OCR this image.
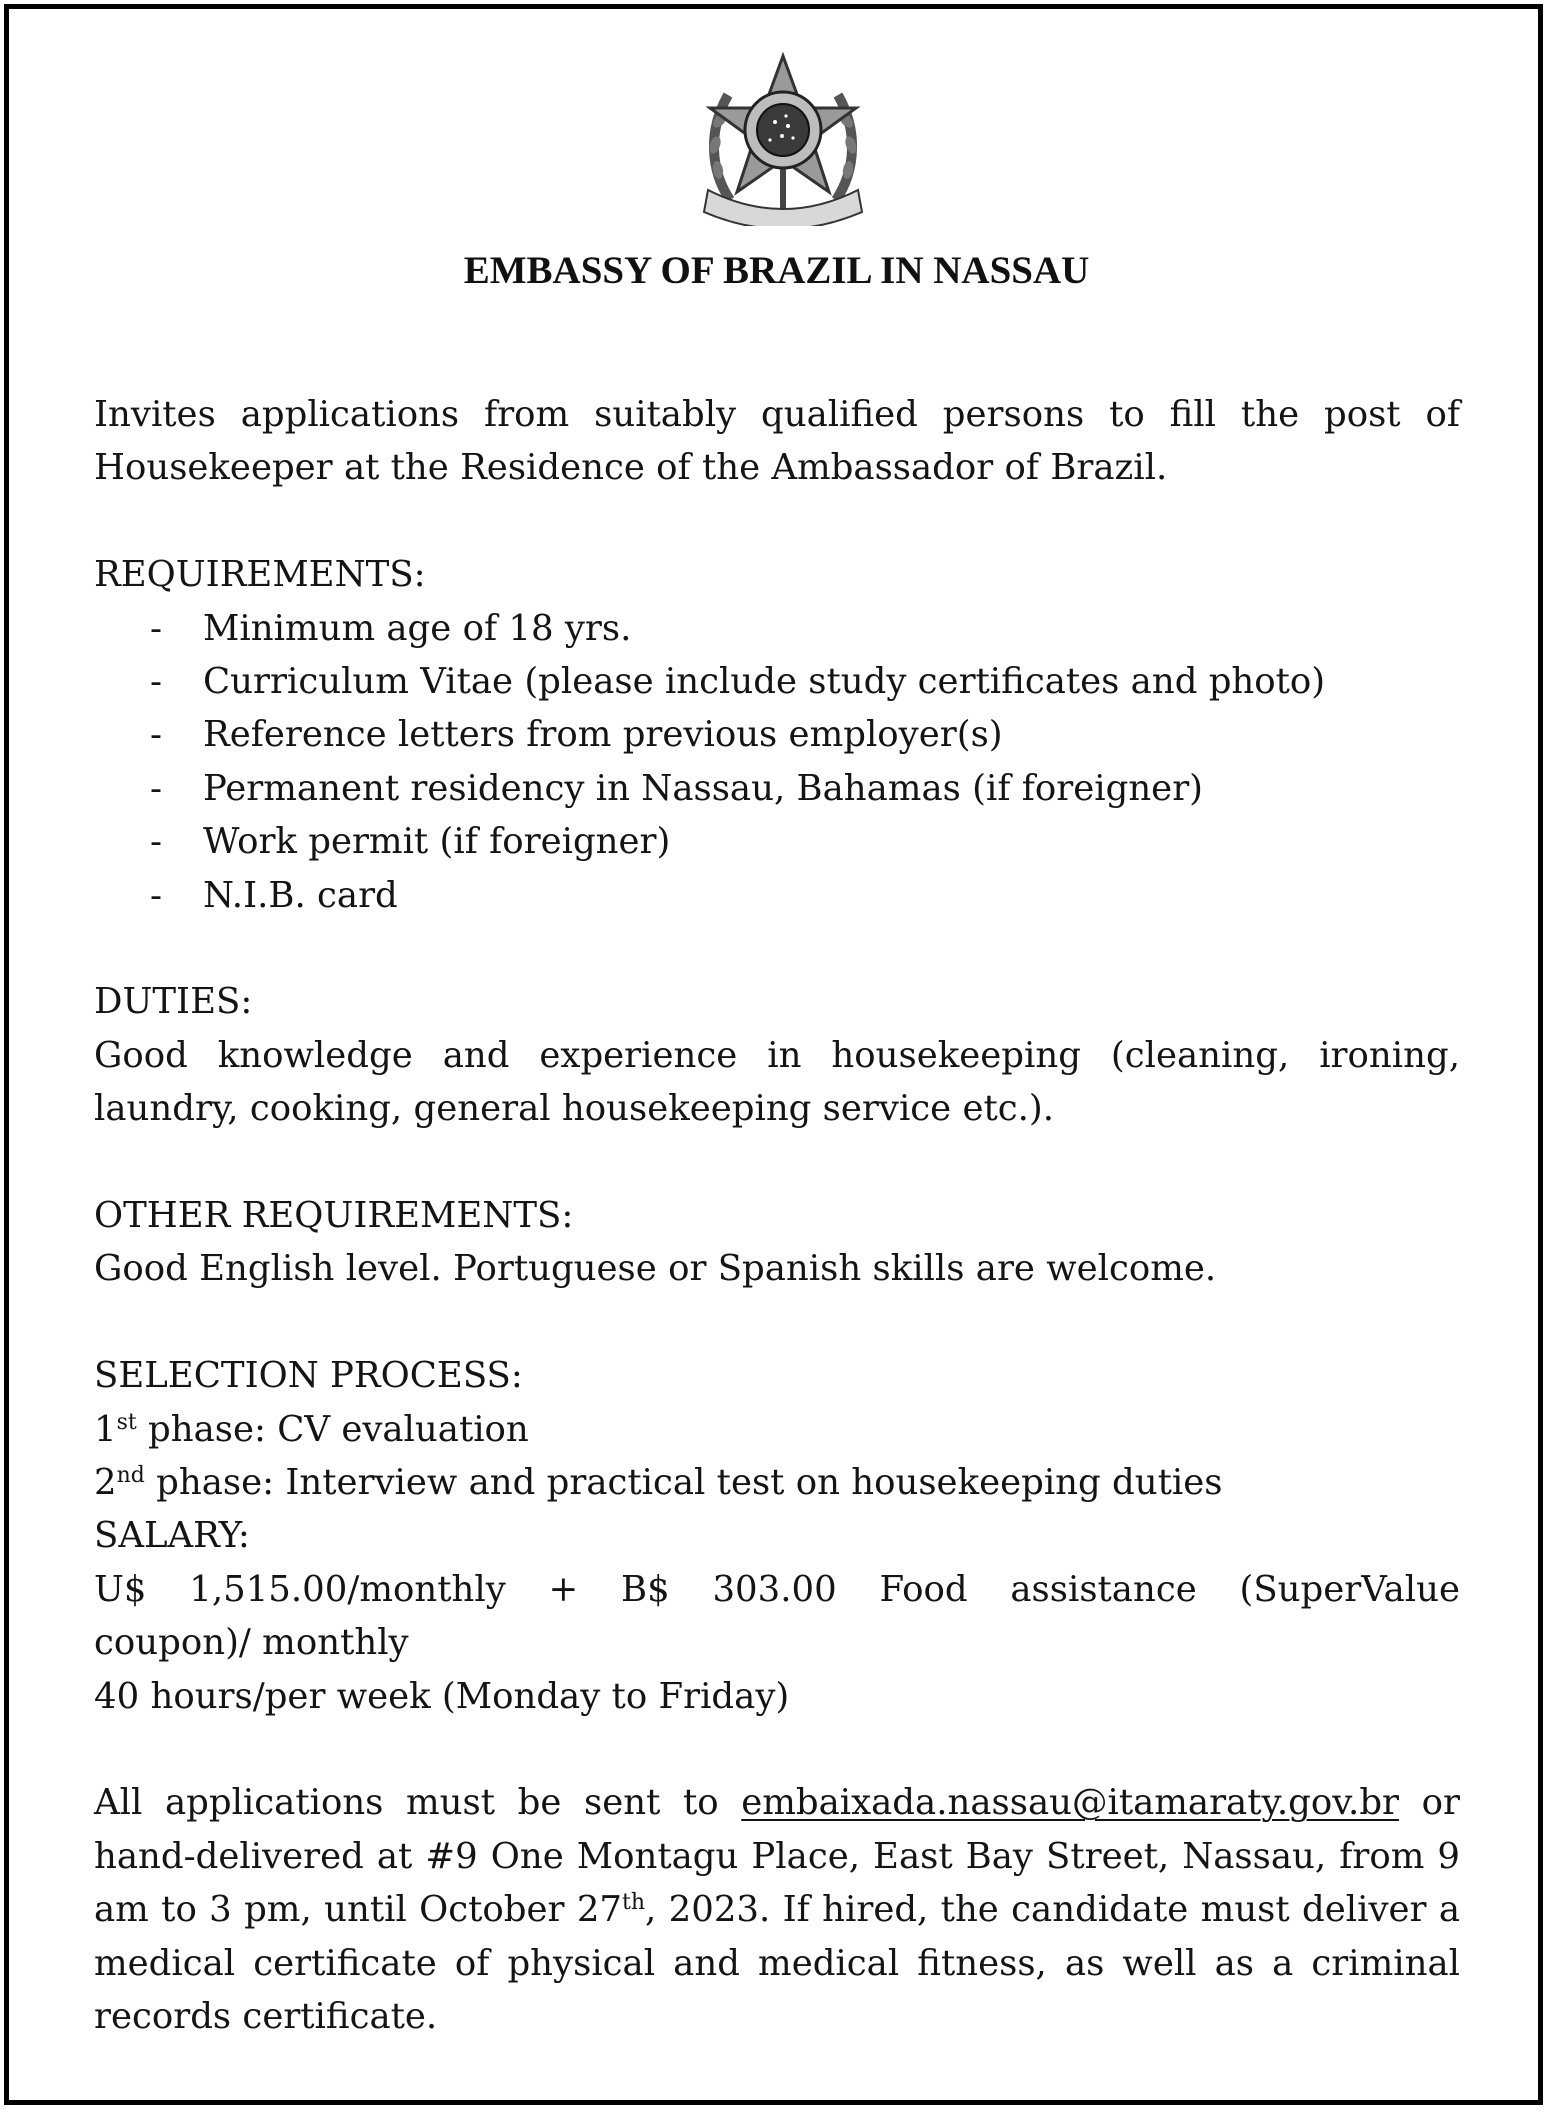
EMBASSY OF BRAZIL IN NASSAU

Invites applications from suitably qualified persons to fill the post of Housekeeper at the Residence of the Ambassador of Brazil.

REQUIREMENTS:

- Minimum age of 18 yrs.
- Curriculum Vitae (please include study certificates and photo)
- Reference letters from previous employer(s)
- Permanent residency in Nassau, Bahamas (if foreigner)
- Work permit (if foreigner)
- N.I.B. card

DUTIES:

Good knowledge and experience in housekeeping (cleaning, ironing, laundry, cooking, general housekeeping service etc.).

OTHER REQUIREMENTS:

Good English level. Portuguese or Spanish skills are welcome.

SELECTION PROCESS:

1st phase: CV evaluation

2nd phase: Interview and practical test on housekeeping duties

SALARY:

U$ 1,515.00/monthly + B$ 303.00 Food assistance (SuperValue

coupon)/ monthly

40 hours/per week (Monday to Friday)

All applications must be sent to embaixada.nassau@itamaraty.gov.br or hand-delivered at #9 One Montagu Place, East Bay Street, Nassau, from 9 am to 3 pm, until October 27th, 2023. If hired, the candidate must deliver a medical certificate of physical and medical fitness, as well as a criminal records certificate.
